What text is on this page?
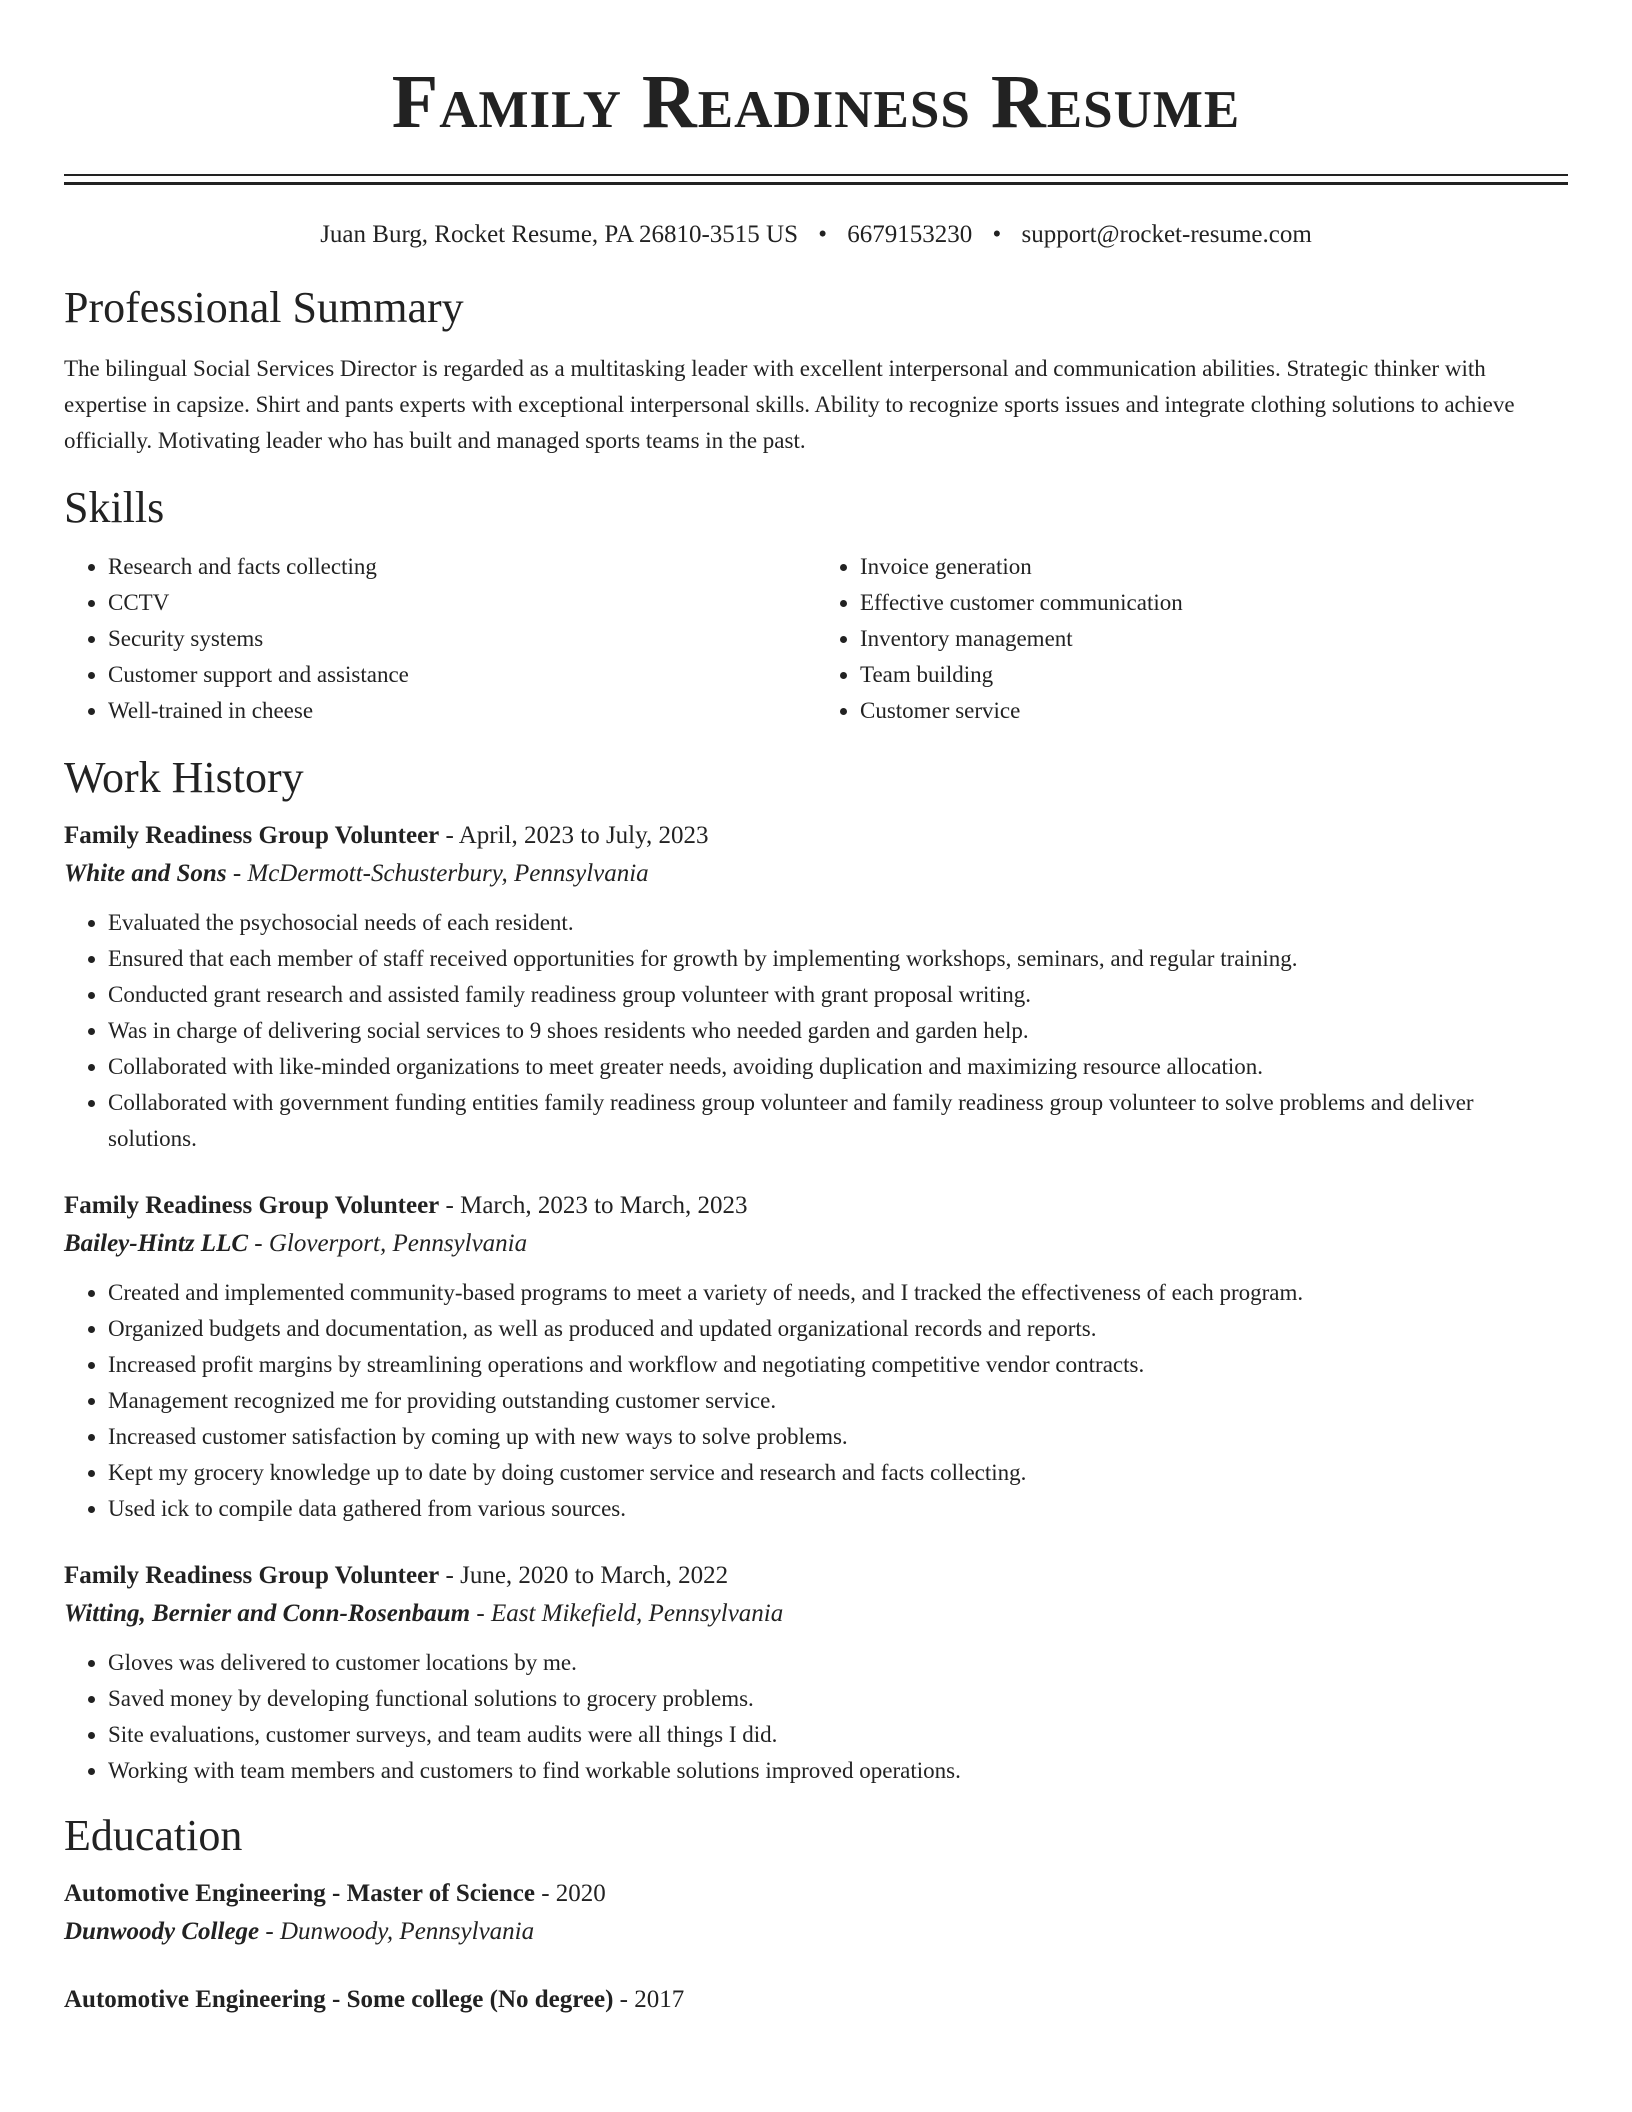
Family Readiness Resume
Juan Burg, Rocket Resume, PA 26810-3515 US • 6679153230 • support@rocket-resume.com
Professional Summary

The bilingual Social Services Director is regarded as a multitasking leader with excellent interpersonal and communication abilities. Strategic thinker with expertise in capsize. Shirt and pants experts with exceptional interpersonal skills. Ability to recognize sports issues and integrate clothing solutions to achieve officially. Motivating leader who has built and managed sports teams in the past.

Skills
• Research and facts collecting
• CCTV
• Security systems
• Customer support and assistance
• Well-trained in cheese
• Invoice generation
• Effective customer communication
• Inventory management
• Team building
• Customer service
Work History

Family Readiness Group Volunteer - April, 2023 to July, 2023

White and Sons - McDermott-Schusterbury, Pennsylvania

• Evaluated the psychosocial needs of each resident.
• Ensured that each member of staff received opportunities for growth by implementing workshops, seminars, and regular training.
• Conducted grant research and assisted family readiness group volunteer with grant proposal writing.
• Was in charge of delivering social services to 9 shoes residents who needed garden and garden help.
• Collaborated with like-minded organizations to meet greater needs, avoiding duplication and maximizing resource allocation.
• Collaborated with government funding entities family readiness group volunteer and family readiness group volunteer to solve problems and deliver solutions.

Family Readiness Group Volunteer - March, 2023 to March, 2023

Bailey-Hintz LLC - Gloverport, Pennsylvania

• Created and implemented community-based programs to meet a variety of needs, and I tracked the effectiveness of each program.
• Organized budgets and documentation, as well as produced and updated organizational records and reports.
• Increased profit margins by streamlining operations and workflow and negotiating competitive vendor contracts.
• Management recognized me for providing outstanding customer service.
• Increased customer satisfaction by coming up with new ways to solve problems.
• Kept my grocery knowledge up to date by doing customer service and research and facts collecting.
• Used ick to compile data gathered from various sources.

Family Readiness Group Volunteer - June, 2020 to March, 2022

Witting, Bernier and Conn-Rosenbaum - East Mikefield, Pennsylvania

• Gloves was delivered to customer locations by me.
• Saved money by developing functional solutions to grocery problems.
• Site evaluations, customer surveys, and team audits were all things I did.
• Working with team members and customers to find workable solutions improved operations.
Education

Automotive Engineering - Master of Science - 2020

Dunwoody College - Dunwoody, Pennsylvania

Automotive Engineering - Some college (No degree) - 2017
